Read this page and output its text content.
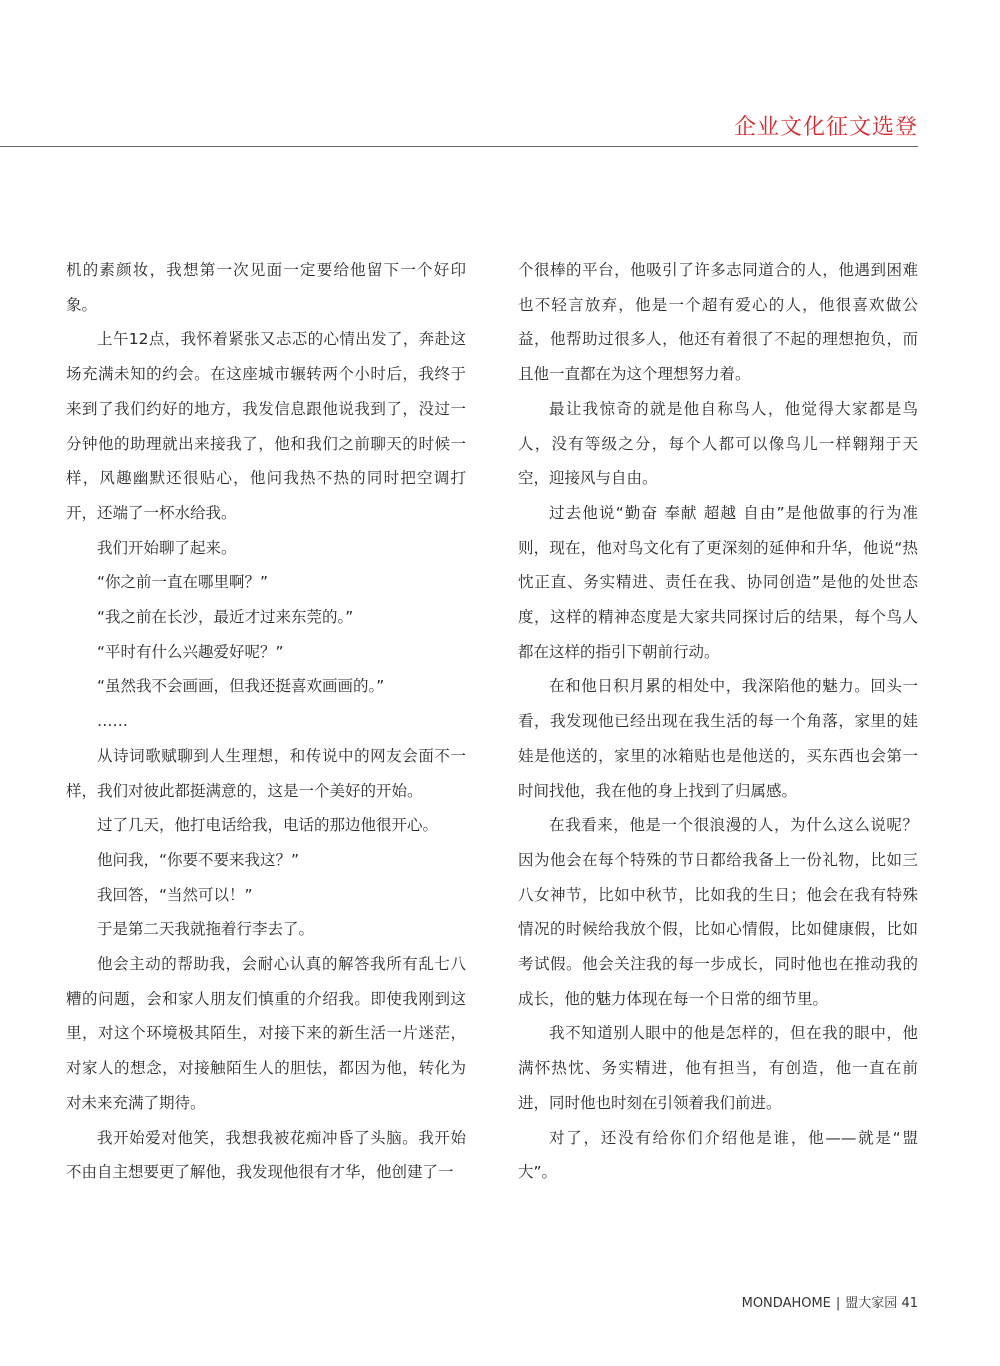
企业文化征文选登

机的素颜妆，我想第一次见面一定要给他留下一个好印象。

上午12点，我怀着紧张又忐忑的心情出发了，奔赴这场充满未知的约会。在这座城市辗转两个小时后，我终于来到了我们约好的地方，我发信息跟他说我到了，没过一分钟他的助理就出来接我了，他和我们之前聊天的时候一样，风趣幽默还很贴心，他问我热不热的同时把空调打开，还端了一杯水给我。

我们开始聊了起来。

“你之前一直在哪里啊？”

“我之前在长沙，最近才过来东莞的。”

“平时有什么兴趣爱好呢？”

“虽然我不会画画，但我还挺喜欢画画的。”

……

从诗词歌赋聊到人生理想，和传说中的网友会面不一样，我们对彼此都挺满意的，这是一个美好的开始。

过了几天，他打电话给我，电话的那边他很开心。

他问我，“你要不要来我这？”

我回答，“当然可以！”

于是第二天我就拖着行李去了。

他会主动的帮助我，会耐心认真的解答我所有乱七八糟的问题，会和家人朋友们慎重的介绍我。即使我刚到这里，对这个环境极其陌生，对接下来的新生活一片迷茫，对家人的想念，对接触陌生人的胆怯，都因为他，转化为对未来充满了期待。

我开始爱对他笑，我想我被花痴冲昏了头脑。我开始不由自主想要更了解他，我发现他很有才华，他创建了一

个很棒的平台，他吸引了许多志同道合的人，他遇到困难也不轻言放弃，他是一个超有爱心的人，他很喜欢做公益，他帮助过很多人，他还有着很了不起的理想抱负，而且他一直都在为这个理想努力着。

最让我惊奇的就是他自称鸟人，他觉得大家都是鸟人，没有等级之分，每个人都可以像鸟儿一样翱翔于天空，迎接风与自由。

过去他说“勤奋 奉献 超越 自由”是他做事的行为准则，现在，他对鸟文化有了更深刻的延伸和升华，他说“热忱正直、务实精进、责任在我、协同创造”是他的处世态度，这样的精神态度是大家共同探讨后的结果，每个鸟人都在这样的指引下朝前行动。

在和他日积月累的相处中，我深陷他的魅力。回头一看，我发现他已经出现在我生活的每一个角落，家里的娃娃是他送的，家里的冰箱贴也是他送的，买东西也会第一时间找他，我在他的身上找到了归属感。

在我看来，他是一个很浪漫的人，为什么这么说呢？因为他会在每个特殊的节日都给我备上一份礼物，比如三八女神节，比如中秋节，比如我的生日；他会在我有特殊情况的时候给我放个假，比如心情假，比如健康假，比如考试假。他会关注我的每一步成长，同时他也在推动我的成长，他的魅力体现在每一个日常的细节里。

我不知道别人眼中的他是怎样的，但在我的眼中，他满怀热忱、务实精进，他有担当，有创造，他一直在前进，同时他也时刻在引领着我们前进。

对了，还没有给你们介绍他是谁，他——就是“盟大”。

MONDAHOME | 盟大家园 41
